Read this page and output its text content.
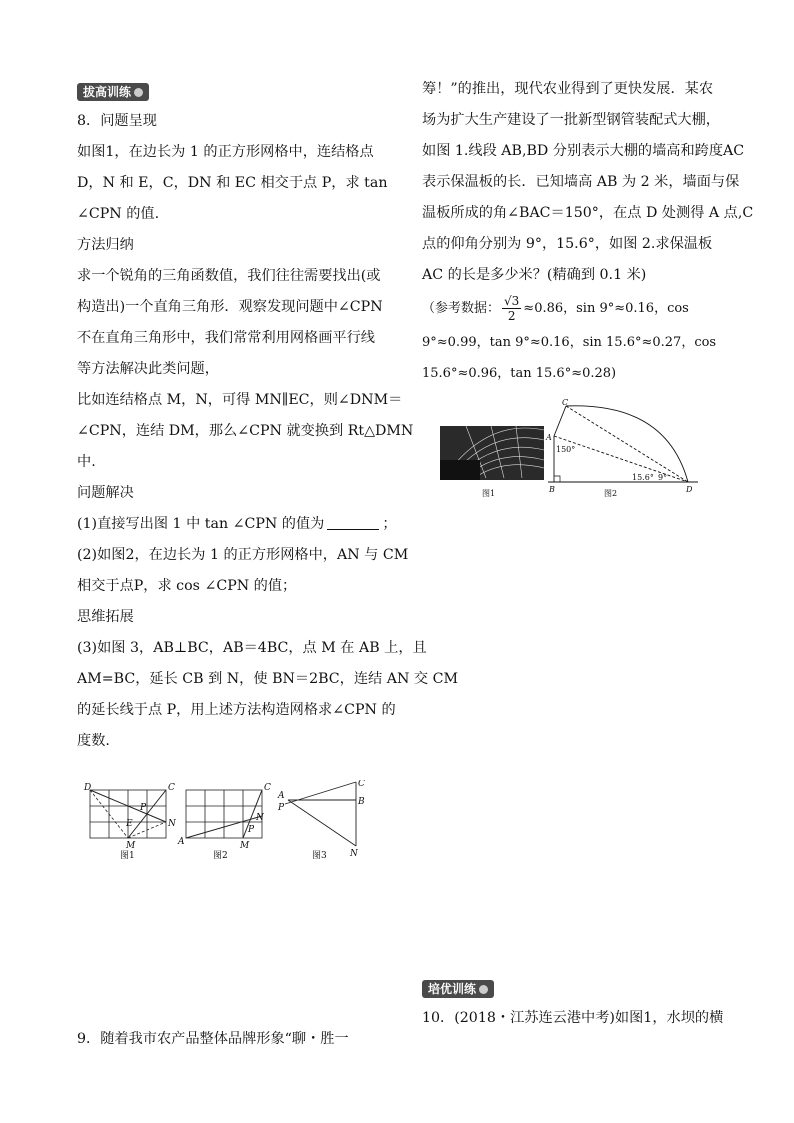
拔高训练
8．问题呈现
如图1，在边长为 1 的正方形网格中，连结格点
D，N 和 E，C，DN 和 EC 相交于点 P，求 tan
∠CPN 的值.
方法归纳
求一个锐角的三角函数值，我们往往需要找出(或
构造出)一个直角三角形．观察发现问题中∠CPN
不在直角三角形中，我们常常利用网格画平行线
等方法解决此类问题，
比如连结格点 M，N，可得 MN∥EC，则∠DNM＝
∠CPN，连结 DM，那么∠CPN 就变换到 Rt△DMN
中.
问题解决
(1)直接写出图 1 中 tan ∠CPN 的值为	；
(2)如图2，在边长为 1 的正方形网格中，AN 与 CM
相交于点P，求 cos ∠CPN 的值；
思维拓展
(3)如图 3，AB⊥BC，AB＝4BC，点 M 在 AB 上，且
AM=BC，延长 CB 到 N，使 BN＝2BC，连结 AN 交 CM
的延长线于点 P，用上述方法构造网格求∠CPN 的
度数.
D	C
P
N
E
M	A
C
N
P
M
A
P
C
B
N
图1	图2	图3
9．随着我市农产品整体品牌形象“聊・胜一
筹！”的推出，现代农业得到了更快发展．某农
场为扩大生产建设了一批新型钢管装配式大棚，
如图 1.线段 AB,BD 分别表示大棚的墙高和跨度AC
表示保温板的长．已知墙高 AB 为 2 米，墙面与保
温板所成的角∠BAC＝150°，在点 D 处测得 A 点,C
点的仰角分别为 9°，15.6°，如图 2.求保温板
AC 的长是多少米？(精确到 0.1 米)
（参考数据： $\frac{√3}{2} \approx 0.86$，sin 9°≈0.16，cos
9°≈0.99，tan 9°≈0.16，sin 15.6°≈0.27，cos
15.6°≈0.96，tan 15.6°≈0.28)
C
A
150°
B	D
15.6° 9°
图1	图2
培优训练
10．(2018・江苏连云港中考)如图1，水坝的横
